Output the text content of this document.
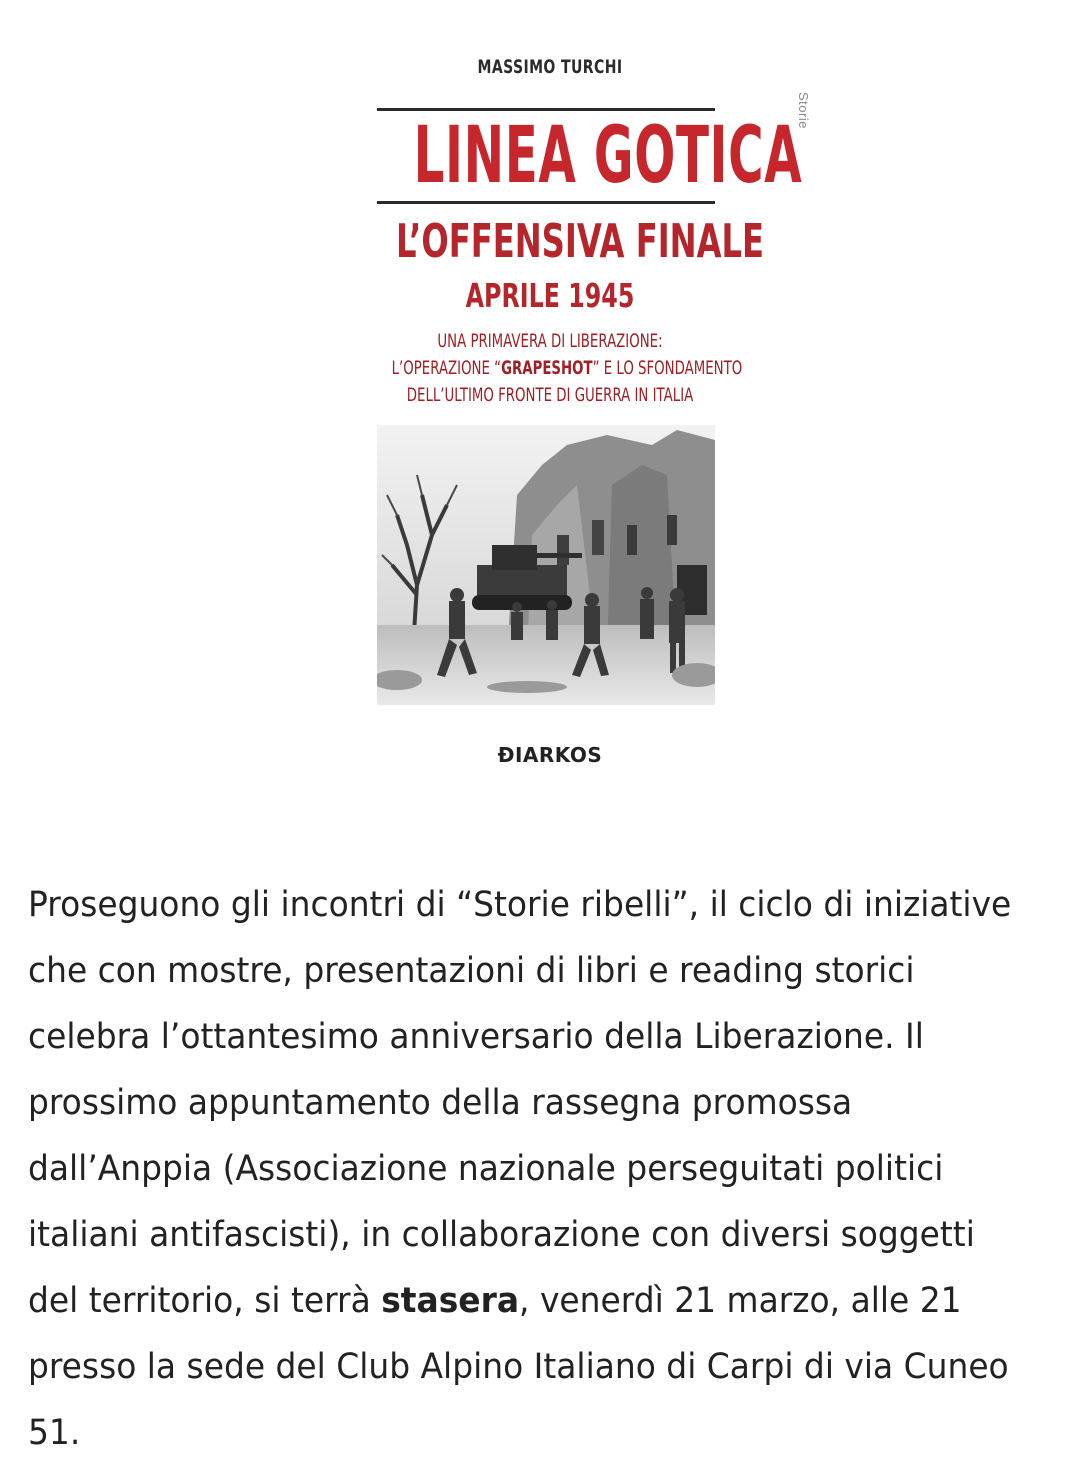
MASSIMO TURCHI
LINEA GOTICA
L’OFFENSIVA FINALE
APRILE 1945
UNA PRIMAVERA DI LIBERAZIONE:
L’OPERAZIONE “GRAPESHOT” E LO SFONDAMENTO
DELL’ULTIMO FRONTE DI GUERRA IN ITALIA
Storie
ÐIARKOS
Proseguono gli incontri di “Storie ribelli”, il ciclo di iniziative
che con mostre, presentazioni di libri e reading storici
celebra l’ottantesimo anniversario della Liberazione. Il
prossimo appuntamento della rassegna promossa
dall’Anppia (Associazione nazionale perseguitati politici
italiani antifascisti), in collaborazione con diversi soggetti
del territorio, si terrà stasera, venerdì 21 marzo, alle 21
presso la sede del Club Alpino Italiano di Carpi di via Cuneo
51.
